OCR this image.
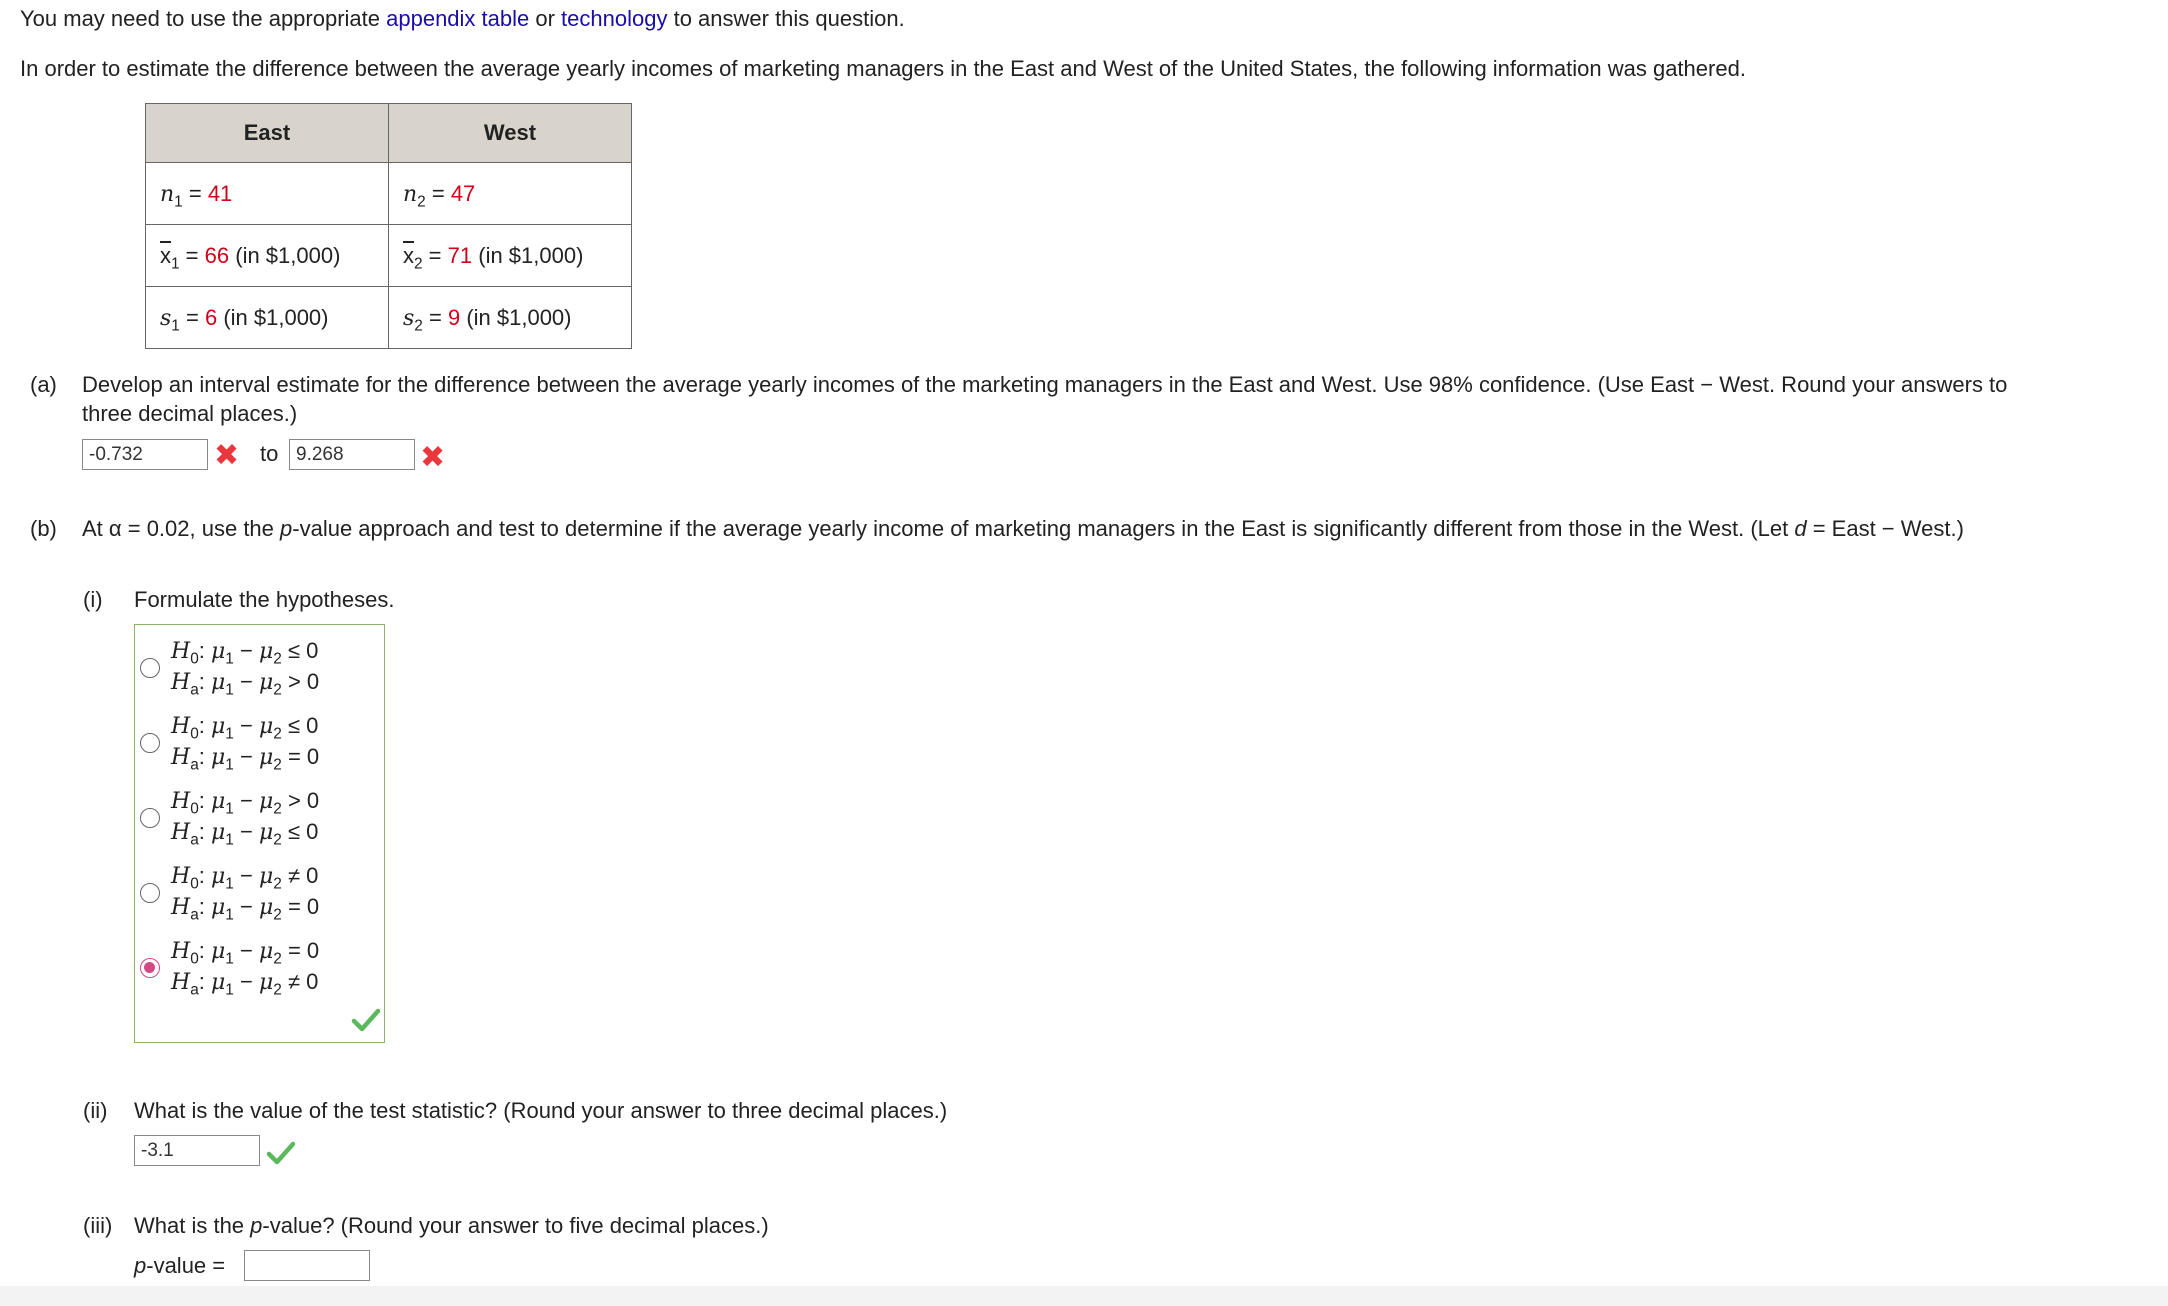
You may need to use the appropriate appendix table or technology to answer this question.
In order to estimate the difference between the average yearly incomes of marketing managers in the East and West of the United States, the following information was gathered.
East	West
$n_1 = 41$	$n_2 = 47$
$\overline{x}_1 = 66$ (in $1,000)	$\overline{x}_2 = 71$ (in $1,000)
$s_1 = 6$ (in $1,000)	$s_2 = 9$ (in $1,000)
(a) Develop an interval estimate for the difference between the average yearly incomes of the marketing managers in the East and West. Use 98% confidence. (Use East − West. Round your answers to
three decimal places.)
-0.732	✖ to 9.268	✖
(b) At α = 0.02, use the p-value approach and test to determine if the average yearly income of marketing managers in the East is significantly different from those in the West. (Let d = East − West.)
(i) Formulate the hypotheses.
$H_0$: $\mu_1 - \mu_2 \le 0$
$H_a$: $\mu_1 - \mu_2 > 0$
$H_0$: $\mu_1 - \mu_2 \le 0$
$H_a$: $\mu_1 - \mu_2 = 0$
$H_0$: $\mu_1 - \mu_2 > 0$
$H_a$: $\mu_1 - \mu_2 \le 0$
$H_0$: $\mu_1 - \mu_2 \ne 0$
$H_a$: $\mu_1 - \mu_2 = 0$
$H_0$: $\mu_1 - \mu_2 = 0$
$H_a$: $\mu_1 - \mu_2 \ne 0$
(ii) What is the value of the test statistic? (Round your answer to three decimal places.)
-3.1
(iii) What is the p-value? (Round your answer to five decimal places.)
p-value =
